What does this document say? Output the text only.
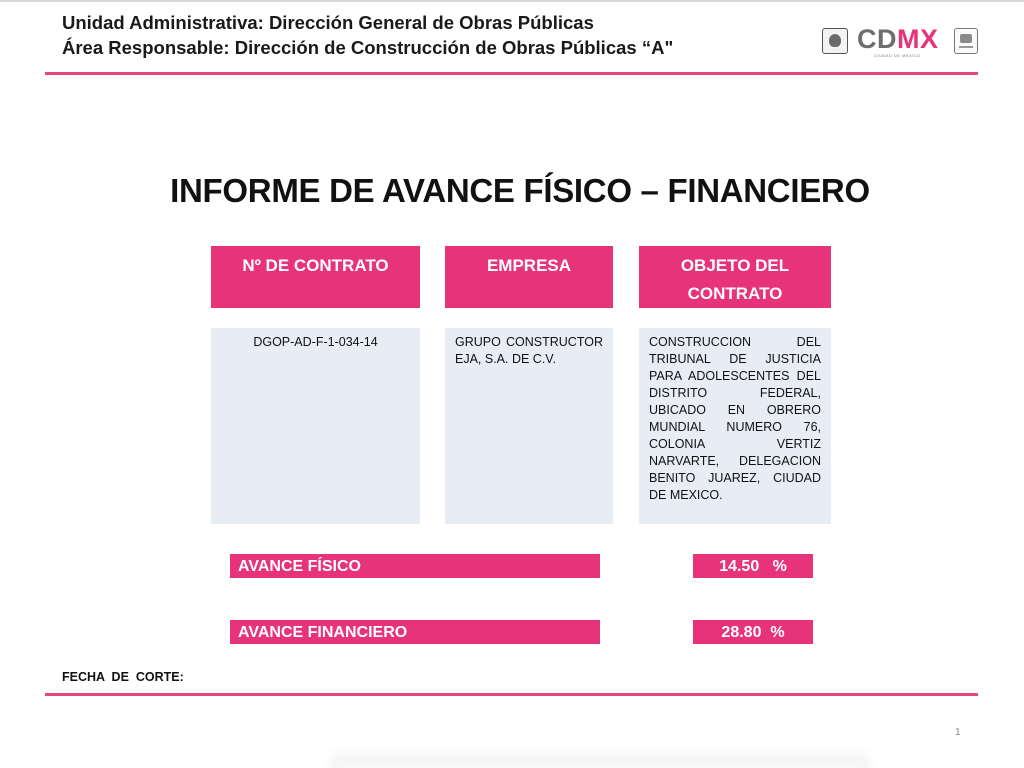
Unidad Administrativa: Dirección General de Obras Públicas
Área Responsable: Dirección de Construcción de Obras Públicas “A"	CDMX
CIUDAD DE MÉXICO
INFORME DE AVANCE FÍSICO – FINANCIERO
Nº DE CONTRATO	EMPRESA	OBJETO DEL
CONTRATO
DGOP-AD-F-1-034-14	GRUPO CONSTRUCTOR EJA, S.A. DE C.V.
CONSTRUCCION DEL TRIBUNAL DE JUSTICIA PARA ADOLESCENTES DEL DISTRITO FEDERAL, UBICADO EN OBRERO MUNDIAL NUMERO 76, COLONIA VERTIZ NARVARTE, DELEGACION BENITO JUAREZ, CIUDAD DE MEXICO.
AVANCE FÍSICO	14.50   %
AVANCE FINANCIERO	28.80  %
FECHA  DE  CORTE:
1
